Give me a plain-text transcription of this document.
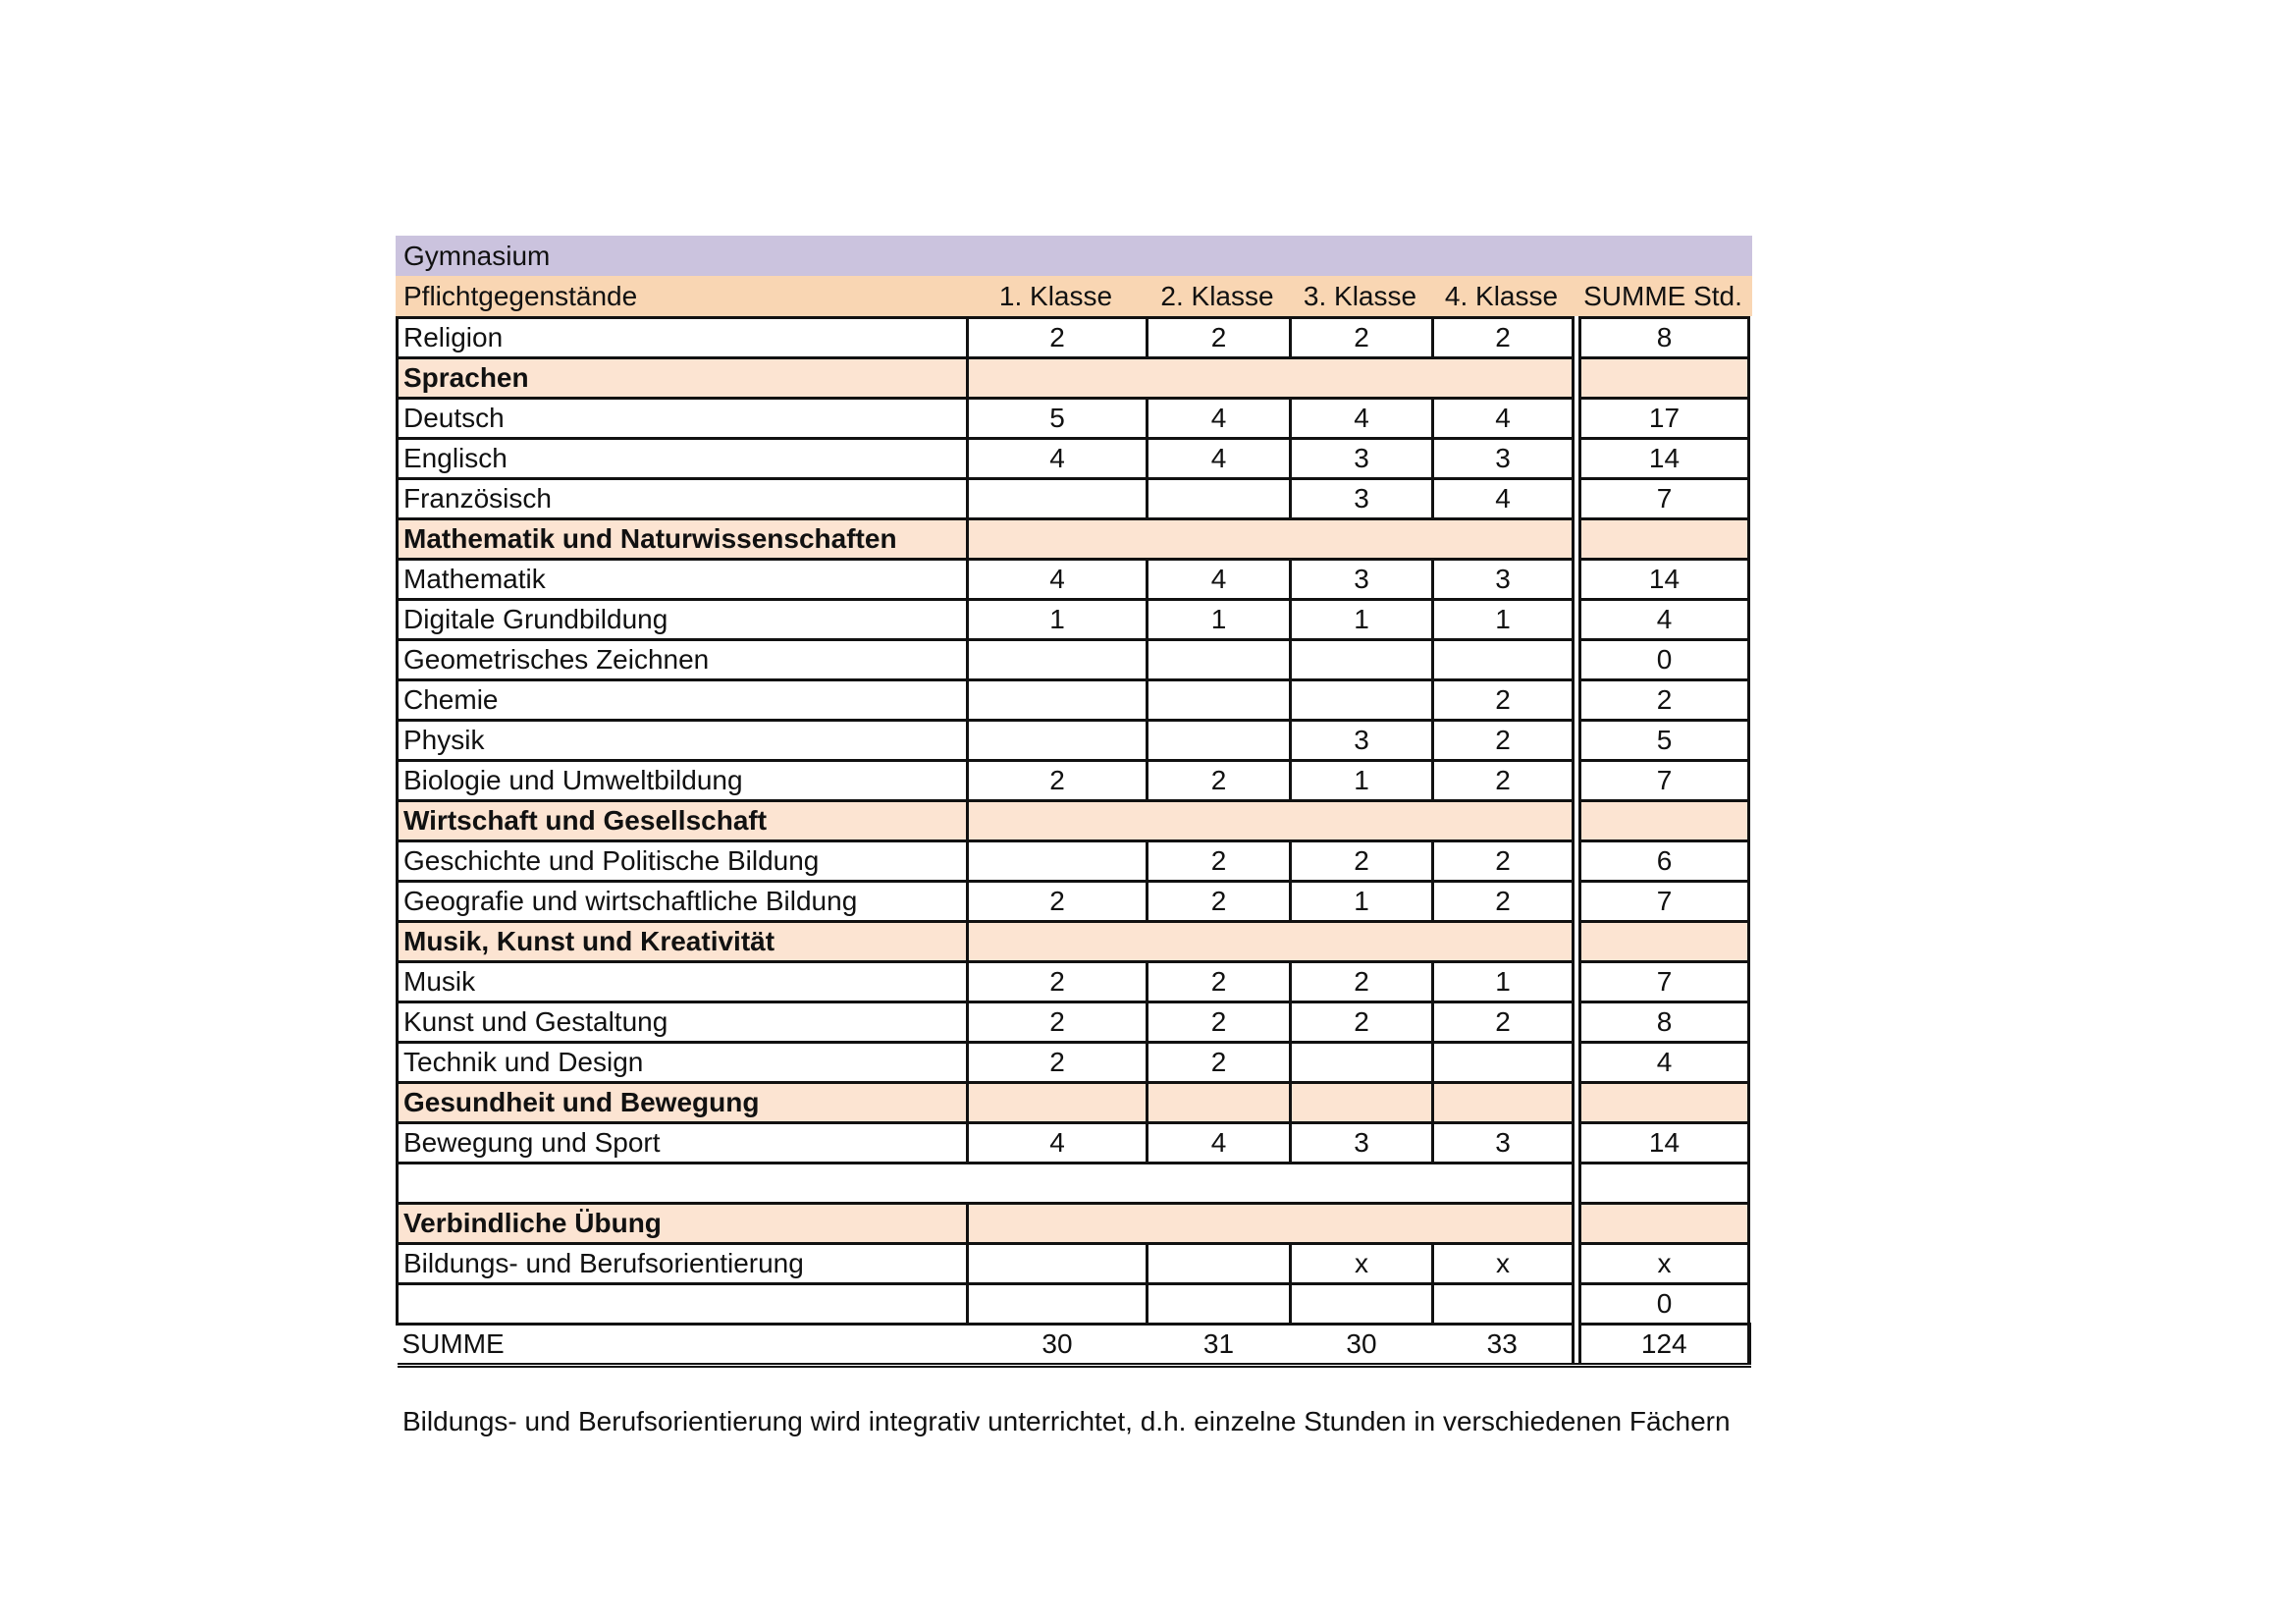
Gymnasium
Pflichtgegenstände	1. Klasse	2. Klasse	3. Klasse	4. Klasse SUMME Std.
Religion	2	2	2	2		8
Sprachen						
Deutsch	5	4	4	4		17
Englisch	4	4	3	3		14
Französisch			3	4		7
Mathematik und Naturwissenschaften						
Mathematik	4	4	3	3		14
Digitale Grundbildung	1	1	1	1		4
Geometrisches Zeichnen						0
Chemie				2		2
Physik			3	2		5
Biologie und Umweltbildung	2	2	1	2		7
Wirtschaft und Gesellschaft						
Geschichte und Politische Bildung		2	2	2		6
Geografie und wirtschaftliche Bildung	2	2	1	2		7
Musik, Kunst und Kreativität						
Musik	2	2	2	1		7
Kunst und Gestaltung	2	2	2	2		8
Technik und Design	2	2				4
Gesundheit und Bewegung						
Bewegung und Sport	4	4	3	3		14

Verbindliche Übung						
Bildungs- und Berufsorientierung			x	x		x
						0
SUMME	30	31	30	33		124
Bildungs- und Berufsorientierung wird integrativ unterrichtet, d.h. einzelne Stunden in verschiedenen Fächern
